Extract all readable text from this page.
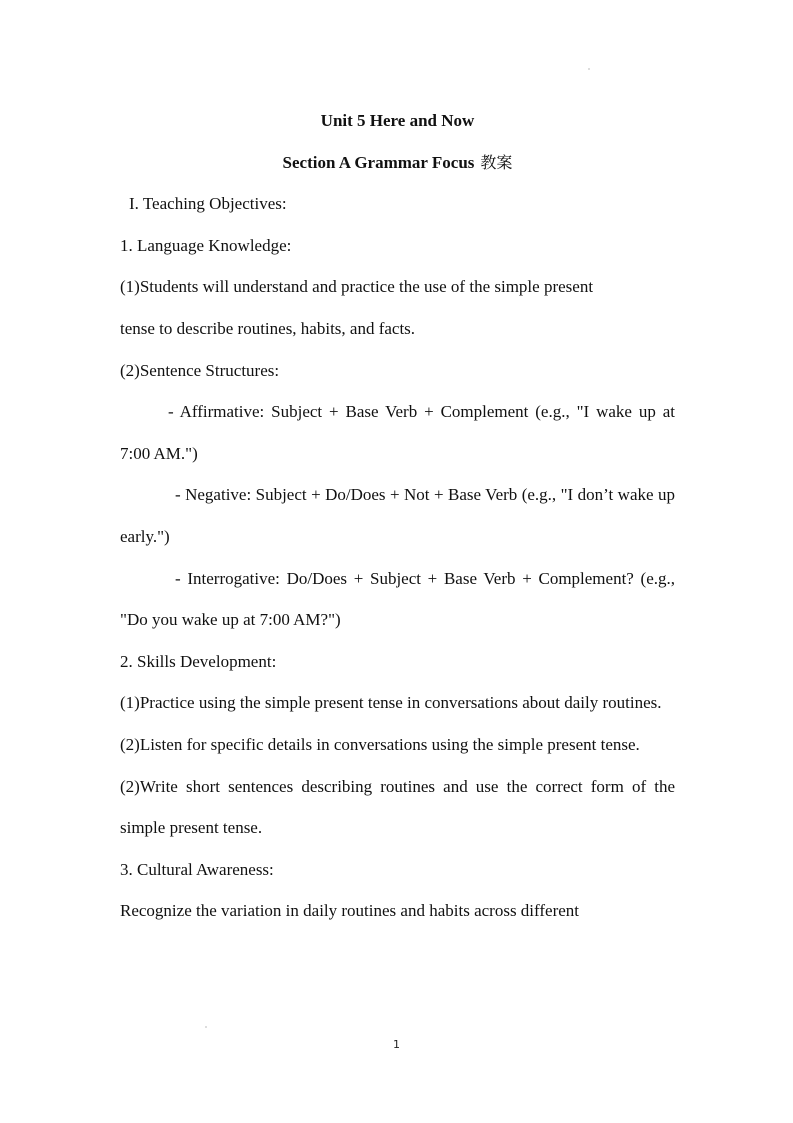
Unit 5 Here and Now

Section A Grammar Focus 教案

I. Teaching Objectives:

1. Language Knowledge:

(1)Students will understand and practice the use of the simple present
tense to describe routines, habits, and facts.

(2)Sentence Structures:

- Affirmative: Subject + Base Verb + Complement (e.g., "I wake up at 7:00 AM.")

- Negative: Subject + Do/Does + Not + Base Verb (e.g., "I don’t wake up early.")

- Interrogative: Do/Does + Subject + Base Verb + Complement? (e.g., "Do you wake up at 7:00 AM?")

2. Skills Development:

(1)Practice using the simple present tense in conversations about daily routines.

(2)Listen for specific details in conversations using the simple present tense.

(2)Write short sentences describing routines and use the correct form of the simple present tense.

3. Cultural Awareness:

Recognize the variation in daily routines and habits across different

1
